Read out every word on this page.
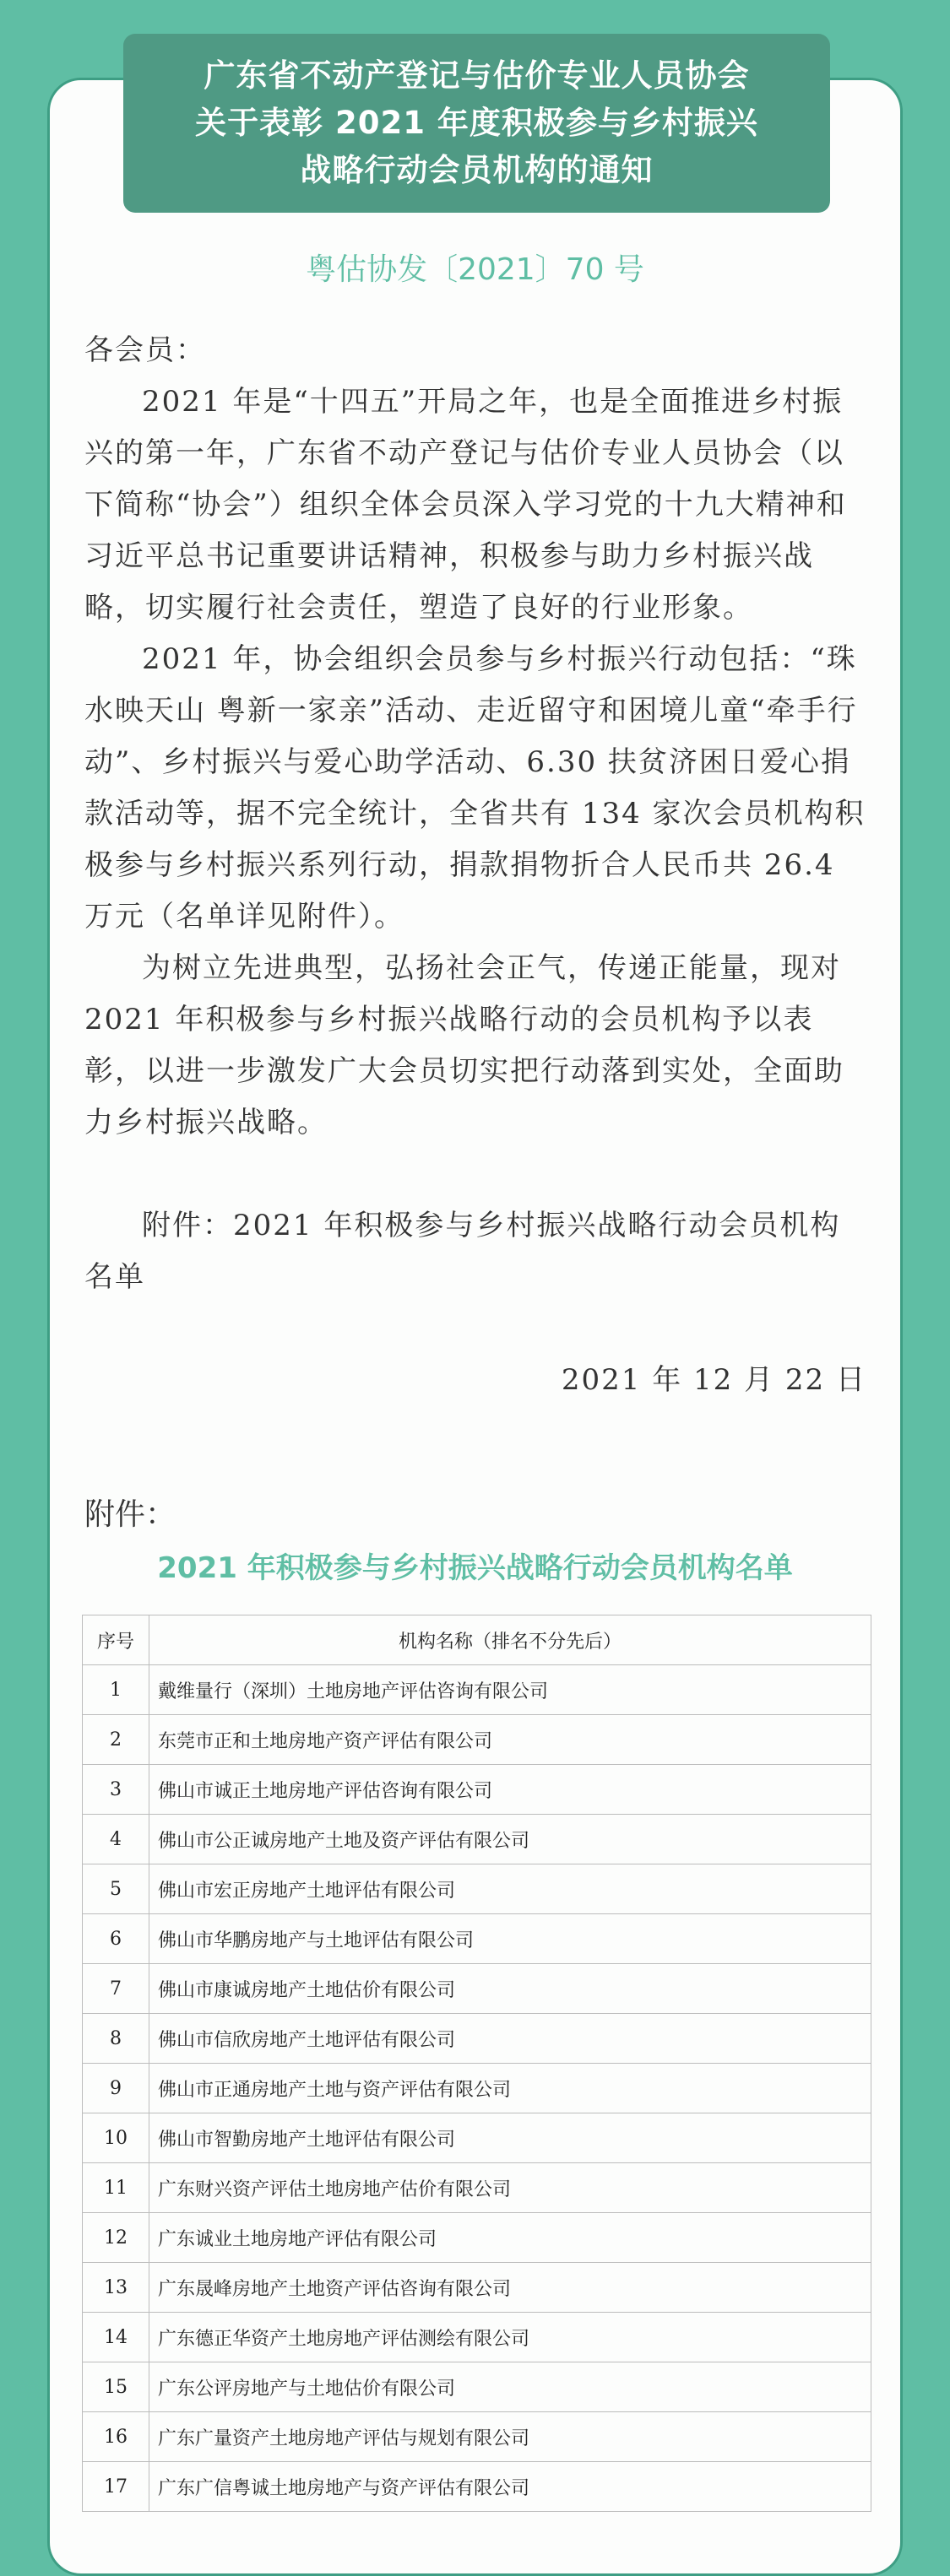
广东省不动产登记与估价专业人员协会
关于表彰 2021 年度积极参与乡村振兴
战略行动会员机构的通知
粤估协发〔2021〕70 号

各会员：

2021 年是“十四五”开局之年，也是全面推进乡村振兴的第一年，广东省不动产登记与估价专业人员协会（以下简称“协会”）组织全体会员深入学习党的十九大精神和习近平总书记重要讲话精神，积极参与助力乡村振兴战略，切实履行社会责任，塑造了良好的行业形象。

2021 年，协会组织会员参与乡村振兴行动包括：“珠水映天山 粤新一家亲”活动、走近留守和困境儿童“牵手行动”、乡村振兴与爱心助学活动、6.30 扶贫济困日爱心捐款活动等，据不完全统计，全省共有 134 家次会员机构积极参与乡村振兴系列行动，捐款捐物折合人民币共 26.4 万元（名单详见附件）。

为树立先进典型，弘扬社会正气，传递正能量，现对 2021 年积极参与乡村振兴战略行动的会员机构予以表彰，以进一步激发广大会员切实把行动落到实处，全面助力乡村振兴战略。

附件：2021 年积极参与乡村振兴战略行动会员机构名单

2021 年 12 月 22 日

附件：
2021 年积极参与乡村振兴战略行动会员机构名单
序号	机构名称（排名不分先后）
1	戴维量行（深圳）土地房地产评估咨询有限公司
2	东莞市正和土地房地产资产评估有限公司
3	佛山市诚正土地房地产评估咨询有限公司
4	佛山市公正诚房地产土地及资产评估有限公司
5	佛山市宏正房地产土地评估有限公司
6	佛山市华鹏房地产与土地评估有限公司
7	佛山市康诚房地产土地估价有限公司
8	佛山市信欣房地产土地评估有限公司
9	佛山市正通房地产土地与资产评估有限公司
10	佛山市智勤房地产土地评估有限公司
11	广东财兴资产评估土地房地产估价有限公司
12	广东诚业土地房地产评估有限公司
13	广东晟峰房地产土地资产评估咨询有限公司
14	广东德正华资产土地房地产评估测绘有限公司
15	广东公评房地产与土地估价有限公司
16	广东广量资产土地房地产评估与规划有限公司
17	广东广信粤诚土地房地产与资产评估有限公司
